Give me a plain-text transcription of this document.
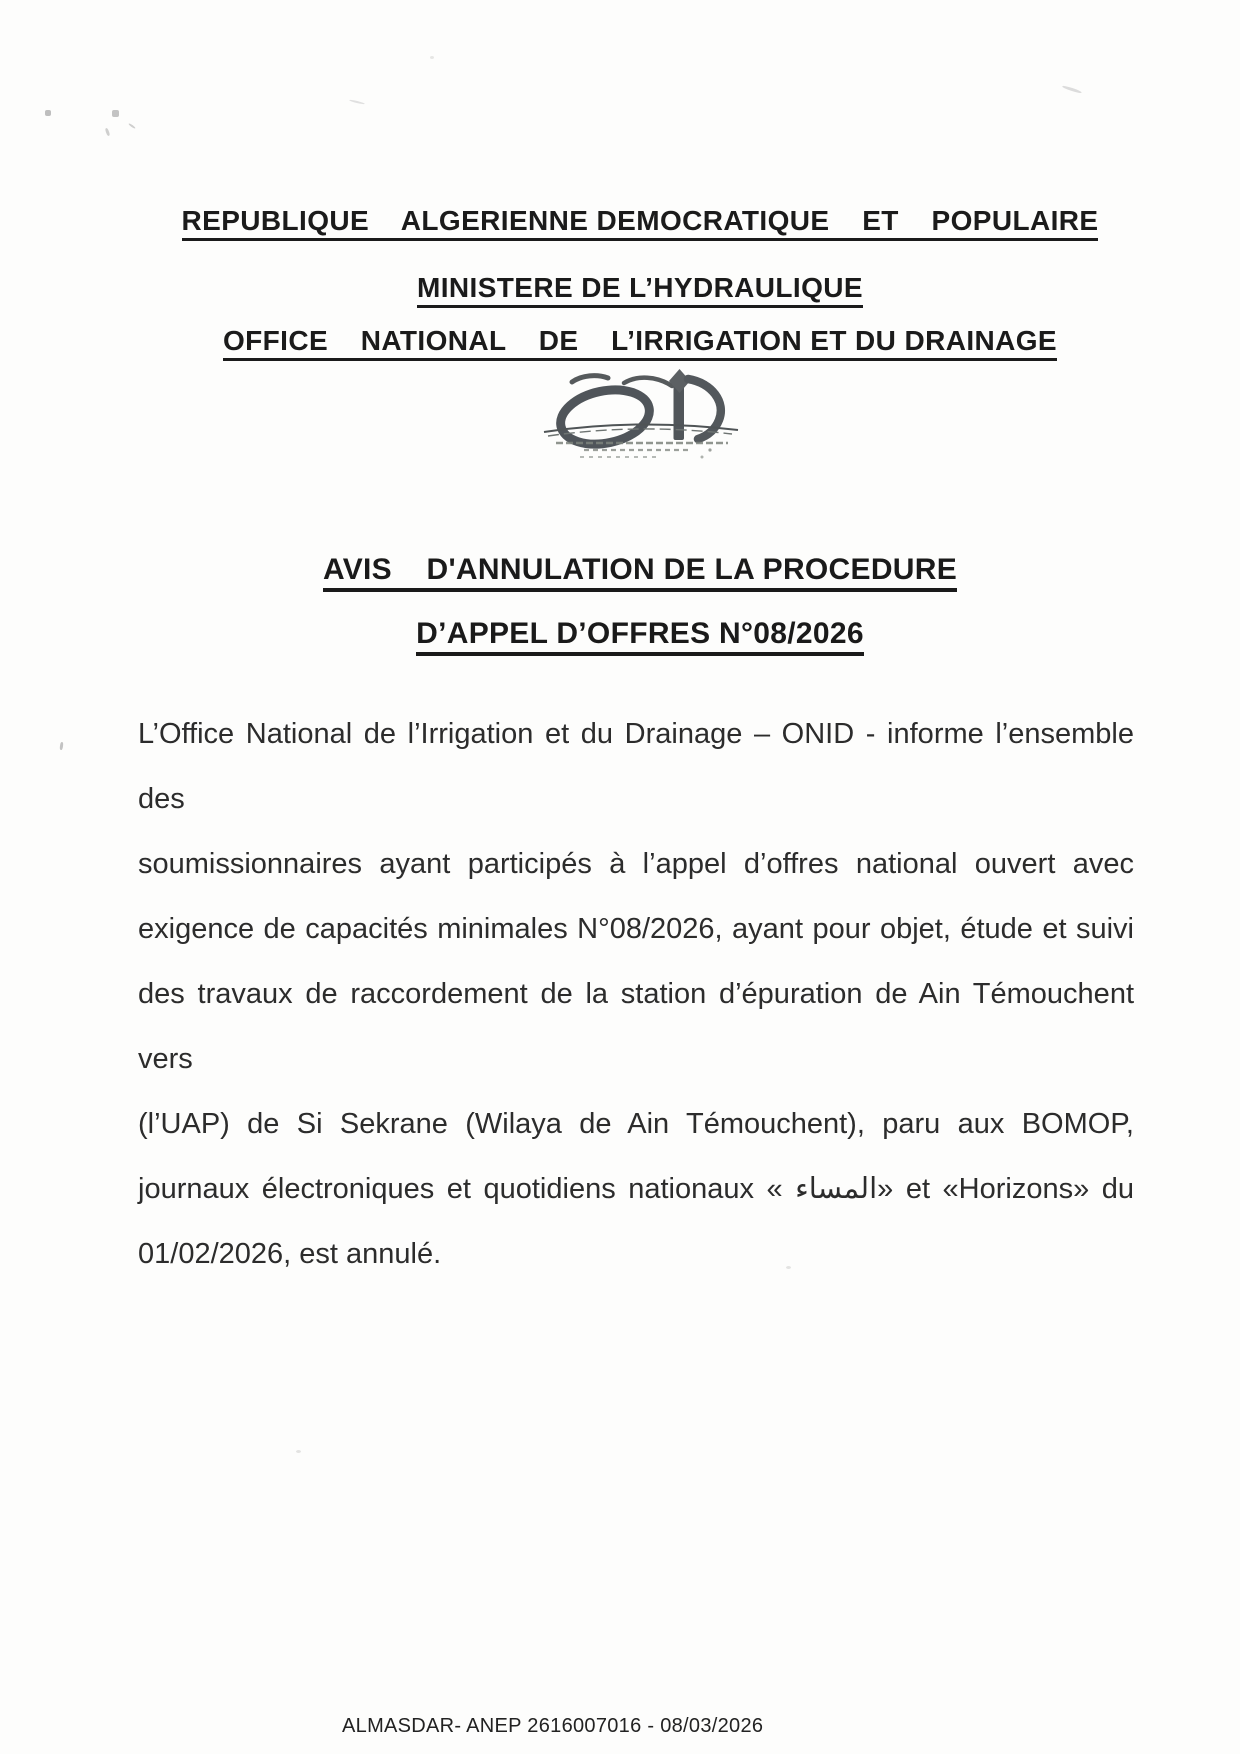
REPUBLIQUE    ALGERIENNE DEMOCRATIQUE    ET    POPULAIRE
MINISTERE DE L’HYDRAULIQUE
OFFICE    NATIONAL    DE    L’IRRIGATION ET DU DRAINAGE
AVIS    D'ANNULATION DE LA PROCEDURE
D’APPEL D’OFFRES N°08/2026
L’Office National de l’Irrigation et du Drainage – ONID - informe l’ensemble des
soumissionnaires ayant participés à l’appel d’offres national ouvert avec
exigence de capacités minimales N°08/2026, ayant pour objet, étude et suivi
des travaux de raccordement de la station d’épuration de Ain Témouchent vers
(l’UAP) de Si Sekrane (Wilaya de Ain Témouchent), paru aux BOMOP,
journaux électroniques et quotidiens nationaux « المساء» et «Horizons» du
01/02/2026, est annulé.
ALMASDAR- ANEP 2616007016 - 08/03/2026
